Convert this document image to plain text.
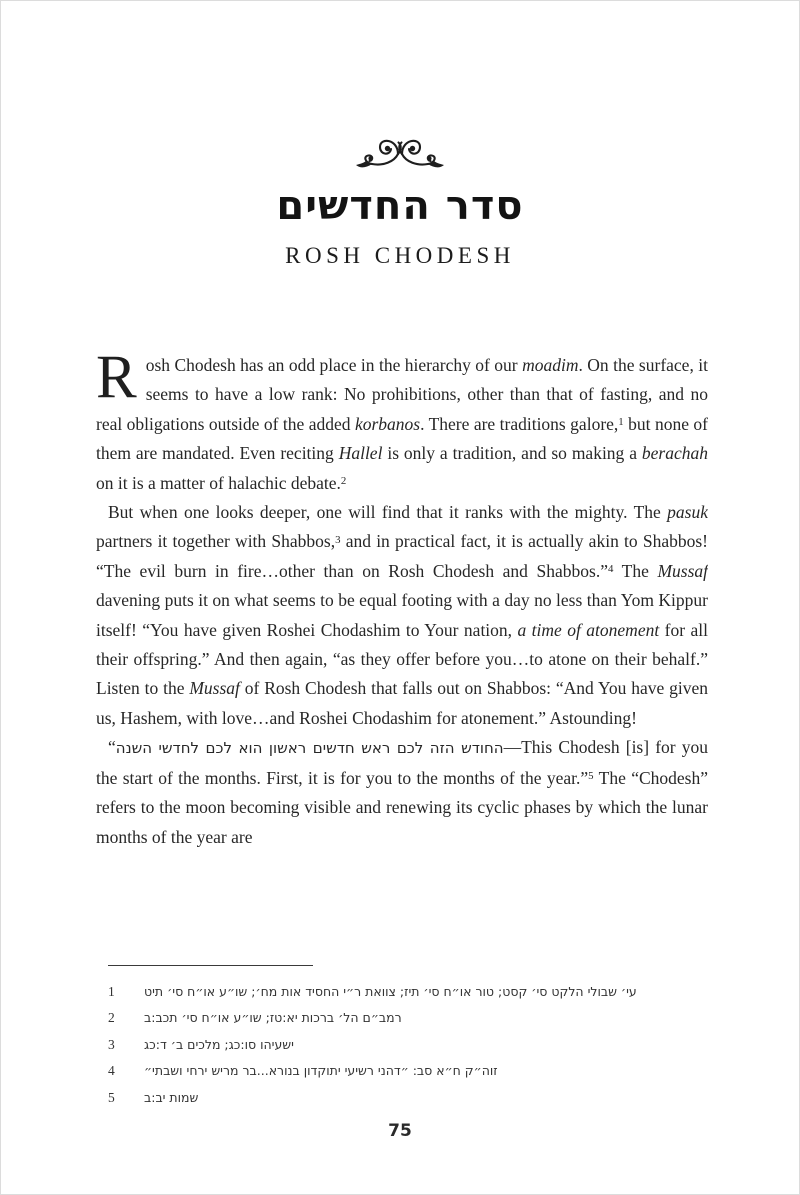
סדר החדשים
ROSH CHODESH

Rosh Chodesh has an odd place in the hierarchy of our moadim. On the surface, it seems to have a low rank: No prohibitions, other than that of fasting, and no real obligations outside of the added korbanos. There are traditions galore,$^1$ but none of them are mandated. Even reciting Hallel is only a tradition, and so making a berachah on it is a matter of halachic debate.$^2$

But when one looks deeper, one will find that it ranks with the mighty. The pasuk partners it together with Shabbos,$^3$ and in practical fact, it is actually akin to Shabbos! “The evil burn in fire…other than on Rosh Chodesh and Shabbos.”$^4$ The Mussaf davening puts it on what seems to be equal footing with a day no less than Yom Kippur itself! “You have given Roshei Chodashim to Your nation, a time of atonement for all their offspring.” And then again, “as they offer before you…to atone on their behalf.” Listen to the Mussaf of Rosh Chodesh that falls out on Shabbos: “And You have given us, Hashem, with love…and Roshei Chodashim for atonement.” Astounding!

“החודש הזה לכם ראש חדשים ראשון הוא לכם לחדשי השנה—This Chodesh [is] for you the start of the months. First, it is for you to the months of the year.”$^5$ The “Chodesh” refers to the moon becoming visible and renewing its cyclic phases by which the lunar months of the year are

1	עי׳ שבולי הלקט סי׳ קסט; טור או״ח סי׳ תיז; צוואת ר״י החסיד אות מח׳; שו״ע או״ח סי׳ תיט
2	רמב״ם הל׳ ברכות יא:טז; שו״ע או״ח סי׳ תכב:ב
3	ישעיהו סו:כג; מלכים ב׳ ד:כג
4	זוה״ק ח״א סב: ״דהני רשיעי יתוקדון בנורא...בר מריש ירחי ושבתי״
5	שמות יב:ב
75
